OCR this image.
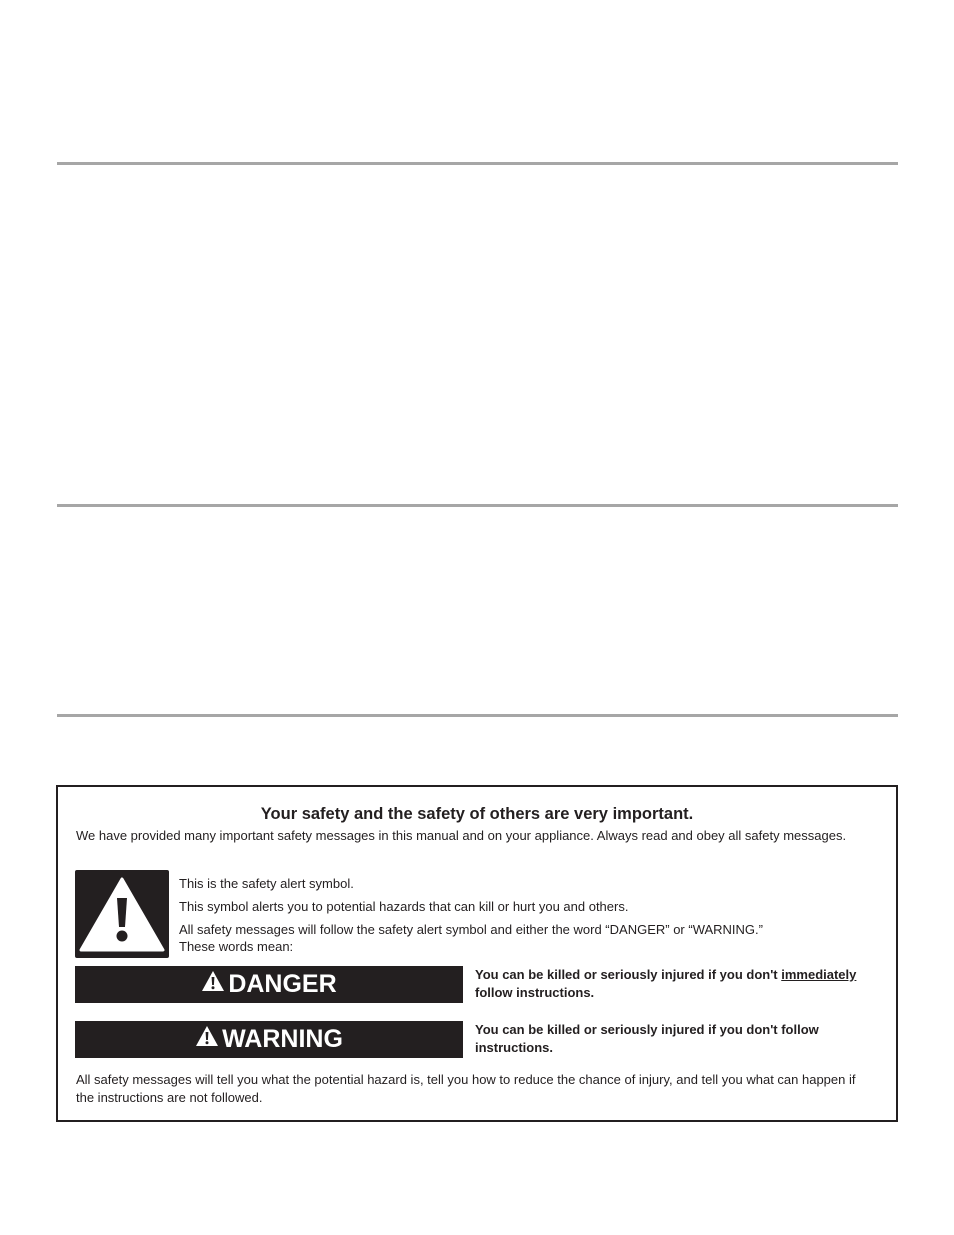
Your safety and the safety of others are very important.
We have provided many important safety messages in this manual and on your appliance. Always read and obey all safety messages.
This is the safety alert symbol.
This symbol alerts you to potential hazards that can kill or hurt you and others.
All safety messages will follow the safety alert symbol and either the word “DANGER” or “WARNING.”
These words mean:
DANGER	You can be killed or seriously injured if you don't immediately follow instructions.
WARNING	You can be killed or seriously injured if you don't follow instructions.
All safety messages will tell you what the potential hazard is, tell you how to reduce the chance of injury, and tell you what can happen if the instructions are not followed.
